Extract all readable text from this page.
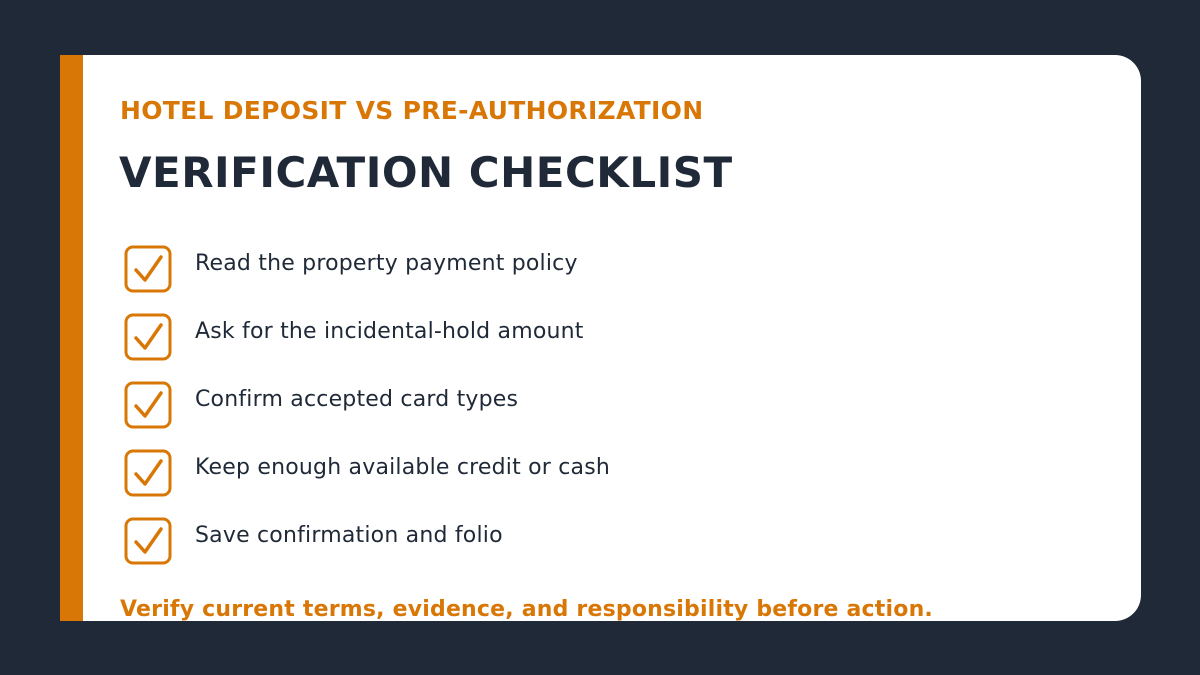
HOTEL DEPOSIT VS PRE-AUTHORIZATION
VERIFICATION CHECKLIST
Read the property payment policy
Ask for the incidental-hold amount
Confirm accepted card types
Keep enough available credit or cash
Save confirmation and folio

Verify current terms, evidence, and responsibility before action.
